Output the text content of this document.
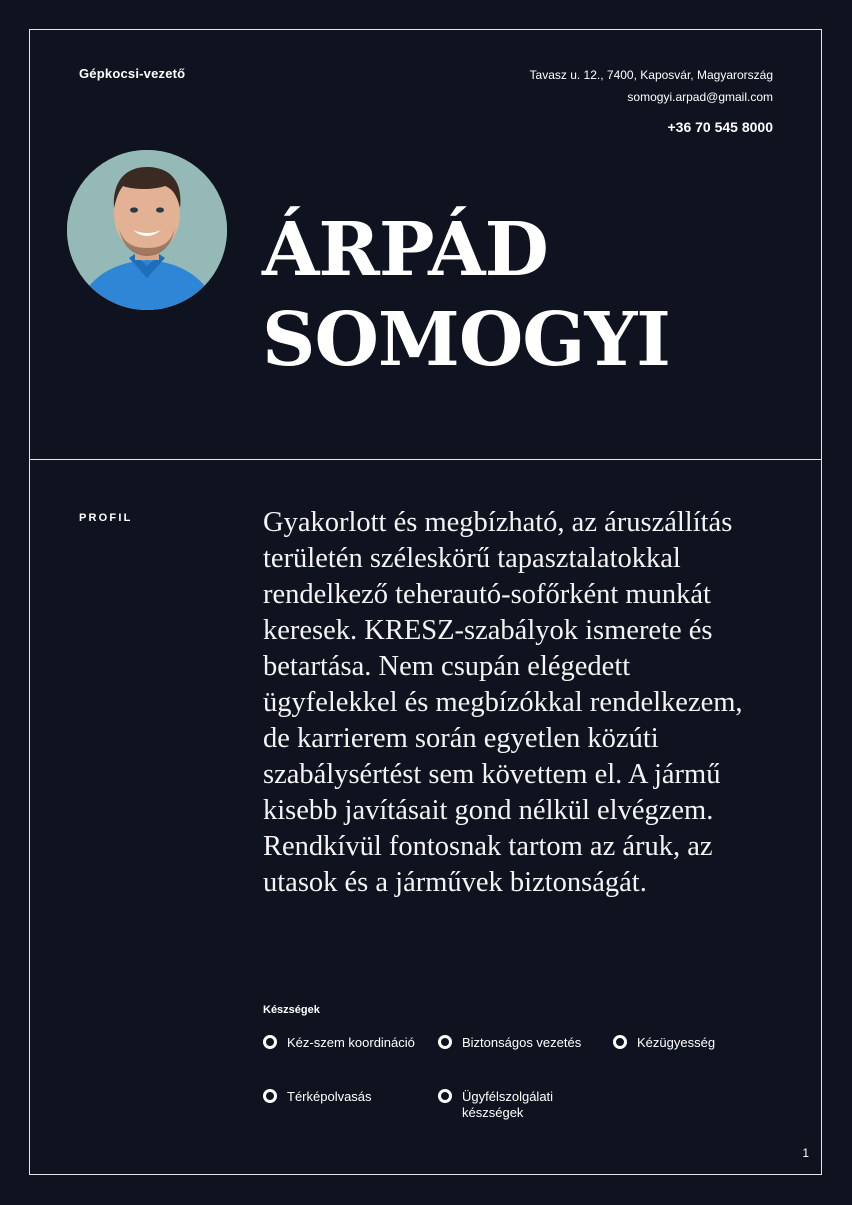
Gépkocsi-vezető	Tavasz u. 12., 7400, Kaposvár, Magyarország
somogyi.arpad@gmail.com
+36 70 545 8000
ÁRPÁD
SOMOGYI
PROFIL	Gyakorlott és megbízható, az áruszállítás területén széleskörű tapasztalatokkal rendelkező teherautó-sofőrként munkát keresek. KRESZ-szabályok ismerete és betartása. Nem csupán elégedett ügyfelekkel és megbízókkal rendelkezem, de karrierem során egyetlen közúti szabálysértést sem követtem el. A jármű kisebb javításait gond nélkül elvégzem. Rendkívül fontosnak tartom az áruk, az utasok és a járművek biztonságát.
Készségek
Kéz-szem koordináció	Biztonságos vezetés	Kézügyesség
Térképolvasás	Ügyfélszolgálati készségek
1
